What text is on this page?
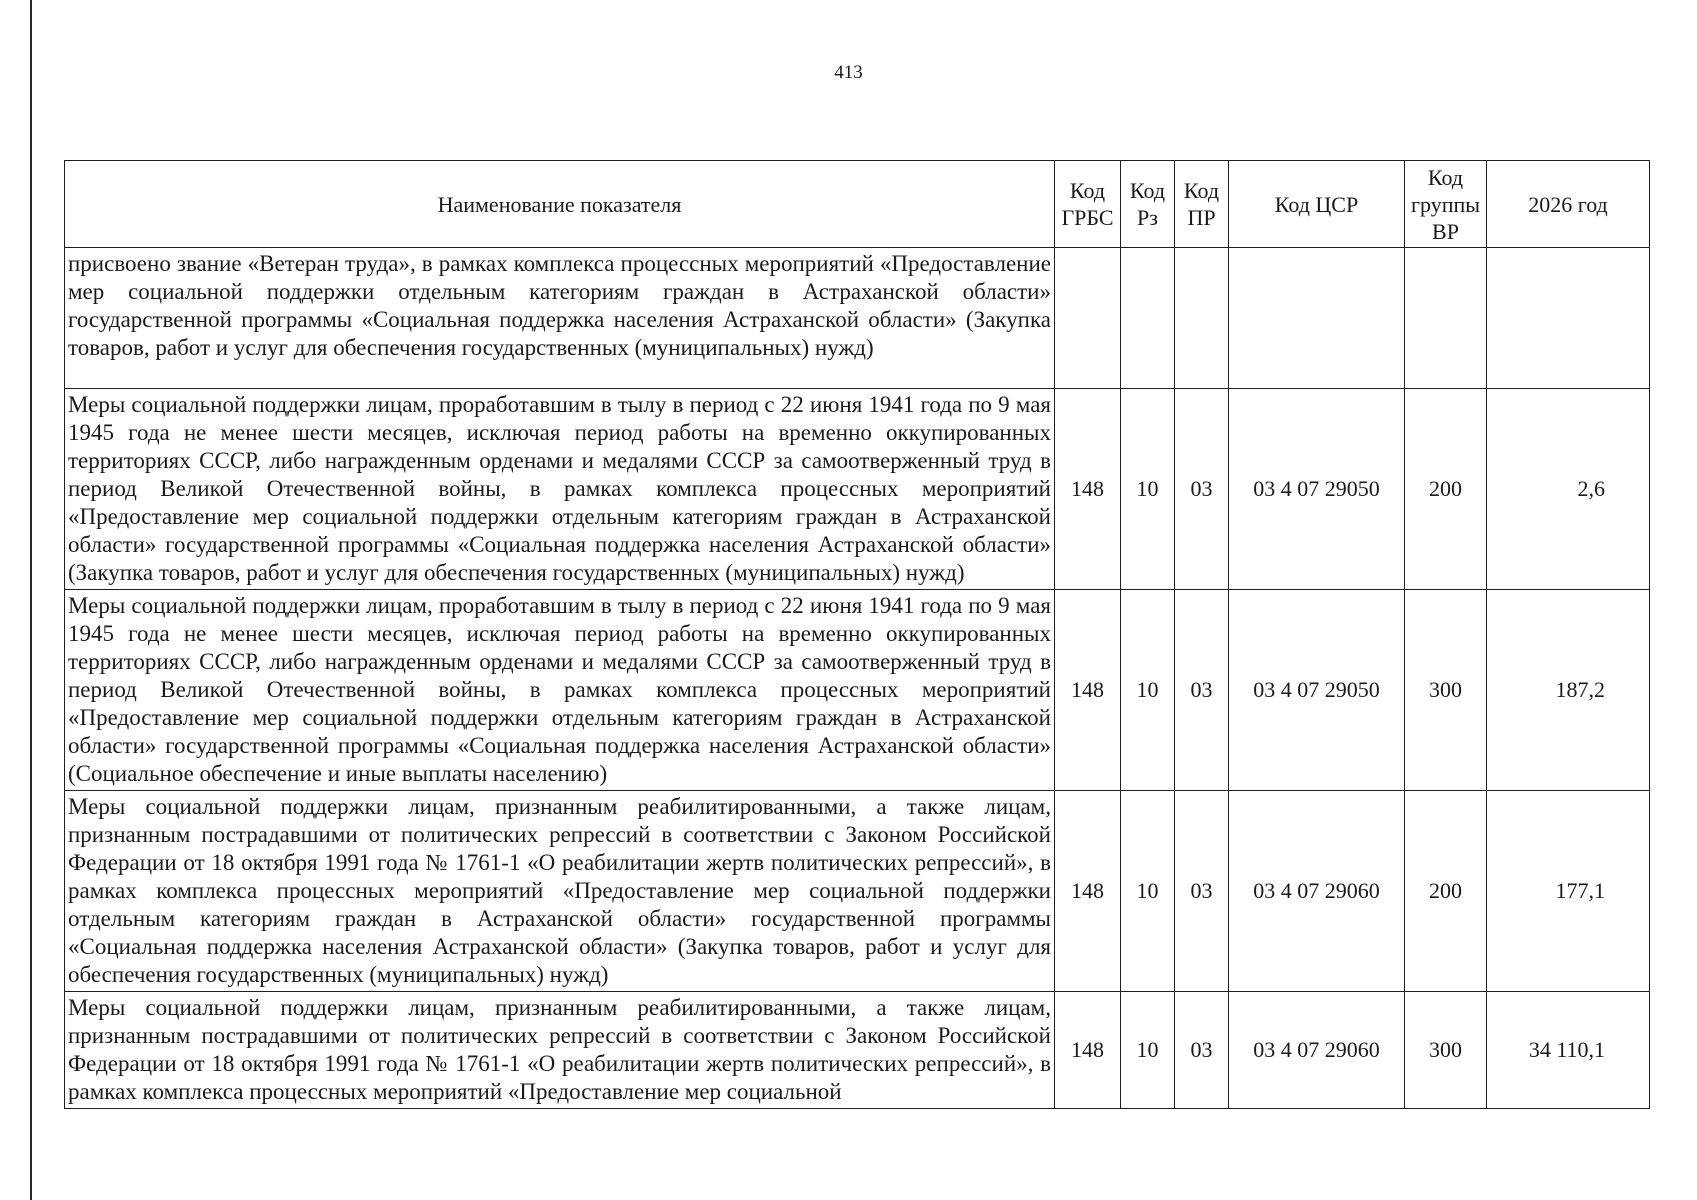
413
Наименование показателя	Код ГРБС	Код Рз	Код ПР	Код ЦСР	Код группы ВР	2026 год
присвоено звание «Ветеран труда», в рамках комплекса процессных мероприятий «Предоставление мер социальной поддержки отдельным категориям граждан в Астраханской области» государственной программы «Социальная поддержка населения Астраханской области» (Закупка товаров, работ и услуг для обеспечения государственных (муниципальных) нужд)						
Меры социальной поддержки лицам, проработавшим в тылу в период с 22 июня 1941 года по 9 мая 1945 года не менее шести месяцев, исключая период работы на временно оккупированных территориях СССР, либо награжденным орденами и медалями СССР за самоотверженный труд в период Великой Отечественной войны, в рамках комплекса процессных мероприятий «Предоставление мер социальной поддержки отдельным категориям граждан в Астраханской области» государственной программы «Социальная поддержка населения Астраханской области» (Закупка товаров, работ и услуг для обеспечения государственных (муниципальных) нужд)	148	10	03	03 4 07 29050	200	2,6
Меры социальной поддержки лицам, проработавшим в тылу в период с 22 июня 1941 года по 9 мая 1945 года не менее шести месяцев, исключая период работы на временно оккупированных территориях СССР, либо награжденным орденами и медалями СССР за самоотверженный труд в период Великой Отечественной войны, в рамках комплекса процессных мероприятий «Предоставление мер социальной поддержки отдельным категориям граждан в Астраханской области» государственной программы «Социальная поддержка населения Астраханской области» (Социальное обеспечение и иные выплаты населению)	148	10	03	03 4 07 29050	300	187,2
Меры социальной поддержки лицам, признанным реабилитированными, а также лицам, признанным пострадавшими от политических репрессий в соответствии с Законом Российской Федерации от 18 октября 1991 года № 1761-1 «О реабилитации жертв политических репрессий», в рамках комплекса процессных мероприятий «Предоставление мер социальной поддержки отдельным категориям граждан в Астраханской области» государственной программы «Социальная поддержка населения Астраханской области» (Закупка товаров, работ и услуг для обеспечения государственных (муниципальных) нужд)	148	10	03	03 4 07 29060	200	177,1
Меры социальной поддержки лицам, признанным реабилитированными, а также лицам, признанным пострадавшими от политических репрессий в соответствии с Законом Российской Федерации от 18 октября 1991 года № 1761-1 «О реабилитации жертв политических репрессий», в рамках комплекса процессных мероприятий «Предоставление мер социальной	148	10	03	03 4 07 29060	300	34 110,1
